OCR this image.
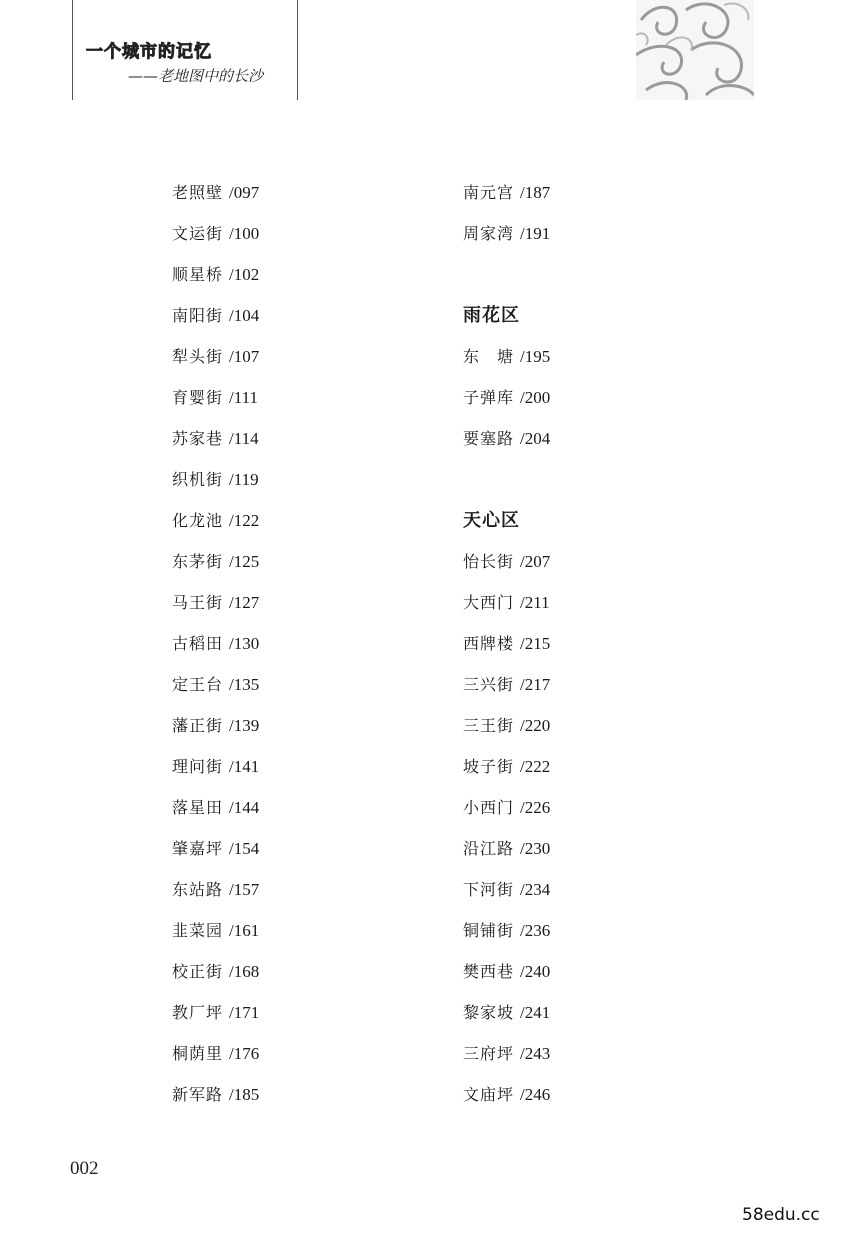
一个城市的记忆
——老地图中的长沙
老照壁 /097
文运街 /100
顺星桥 /102
南阳街 /104
犁头街 /107
育婴街 /111
苏家巷 /114
织机街 /119
化龙池 /122
东茅街 /125
马王街 /127
古稻田 /130
定王台 /135
藩正街 /139
理问街 /141
落星田 /144
肇嘉坪 /154
东站路 /157
韭菜园 /161
校正街 /168
教厂坪 /171
桐荫里 /176
新军路 /185
南元宫 /187
周家湾 /191
雨花区
东　塘 /195
子弹库 /200
要塞路 /204
天心区
怡长街 /207
大西门 /211
西牌楼 /215
三兴街 /217
三王街 /220
坡子街 /222
小西门 /226
沿江路 /230
下河街 /234
铜铺街 /236
樊西巷 /240
黎家坡 /241
三府坪 /243
文庙坪 /246
002
58edu.cc
